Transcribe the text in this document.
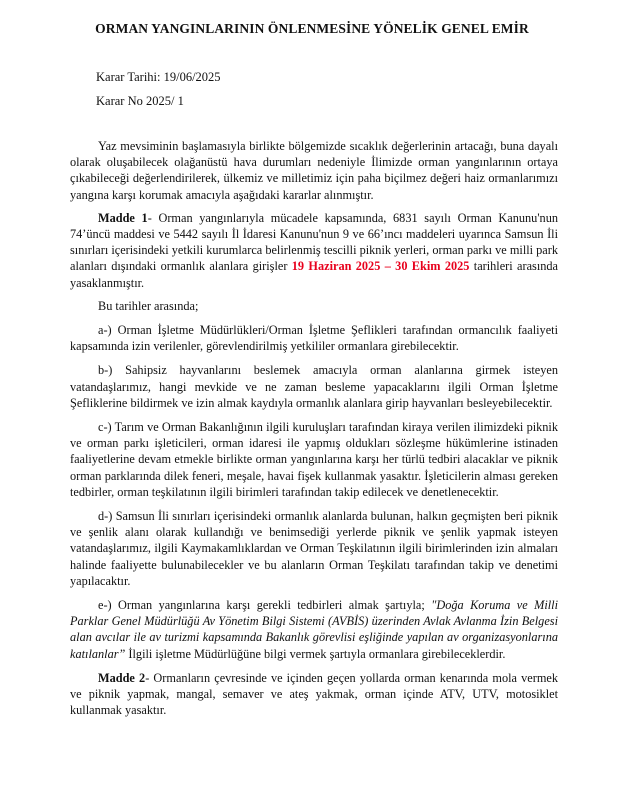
ORMAN YANGINLARININ ÖNLENMESİNE YÖNELİK GENEL EMİR
Karar Tarihi: 19/06/2025
Karar No 2025/ 1

Yaz mevsiminin başlamasıyla birlikte bölgemizde sıcaklık değerlerinin artacağı, buna dayalı olarak oluşabilecek olağanüstü hava durumları nedeniyle İlimizde orman yangınlarının ortaya çıkabileceği değerlendirilerek, ülkemiz ve milletimiz için paha biçilmez değeri haiz ormanlarımızı yangına karşı korumak amacıyla aşağıdaki kararlar alınmıştır.

Madde 1- Orman yangınlarıyla mücadele kapsamında, 6831 sayılı Orman Kanunu'nun 74’üncü maddesi ve 5442 sayılı İl İdaresi Kanunu'nun 9 ve 66’ıncı maddeleri uyarınca Samsun İli sınırları içerisindeki yetkili kurumlarca belirlenmiş tescilli piknik yerleri, orman parkı ve milli park alanları dışındaki ormanlık alanlara girişler 19 Haziran 2025 – 30 Ekim 2025 tarihleri arasında yasaklanmıştır.

Bu tarihler arasında;

a-) Orman İşletme Müdürlükleri/Orman İşletme Şeflikleri tarafından ormancılık faaliyeti kapsamında izin verilenler, görevlendirilmiş yetkililer ormanlara girebilecektir.

b-) Sahipsiz hayvanlarını beslemek amacıyla orman alanlarına girmek isteyen vatandaşlarımız, hangi mevkide ve ne zaman besleme yapacaklarını ilgili Orman İşletme Şefliklerine bildirmek ve izin almak kaydıyla ormanlık alanlara girip hayvanları besleyebilecektir.

c-) Tarım ve Orman Bakanlığının ilgili kuruluşları tarafından kiraya verilen ilimizdeki piknik ve orman parkı işleticileri, orman idaresi ile yapmış oldukları sözleşme hükümlerine istinaden faaliyetlerine devam etmekle birlikte orman yangınlarına karşı her türlü tedbiri alacaklar ve piknik orman parklarında dilek feneri, meşale, havai fişek kullanmak yasaktır. İşleticilerin alması gereken tedbirler, orman teşkilatının ilgili birimleri tarafından takip edilecek ve denetlenecektir.

d-) Samsun İli sınırları içerisindeki ormanlık alanlarda bulunan, halkın geçmişten beri piknik ve şenlik alanı olarak kullandığı ve benimsediği yerlerde piknik ve şenlik yapmak isteyen vatandaşlarımız, ilgili Kaymakamlıklardan ve Orman Teşkilatının ilgili birimlerinden izin almaları halinde faaliyette bulunabilecekler ve bu alanların Orman Teşkilatı tarafından takip ve denetimi yapılacaktır.

e-) Orman yangınlarına karşı gerekli tedbirleri almak şartıyla; "Doğa Koruma ve Milli Parklar Genel Müdürlüğü Av Yönetim Bilgi Sistemi (AVBİS) üzerinden Avlak Avlanma İzin Belgesi alan avcılar ile av turizmi kapsamında Bakanlık görevlisi eşliğinde yapılan av organizasyonlarına katılanlar” İlgili işletme Müdürlüğüne bilgi vermek şartıyla ormanlara girebileceklerdir.

Madde 2- Ormanların çevresinde ve içinden geçen yollarda orman kenarında mola vermek ve piknik yapmak, mangal, semaver ve ateş yakmak, orman içinde ATV, UTV, motosiklet kullanmak yasaktır.
